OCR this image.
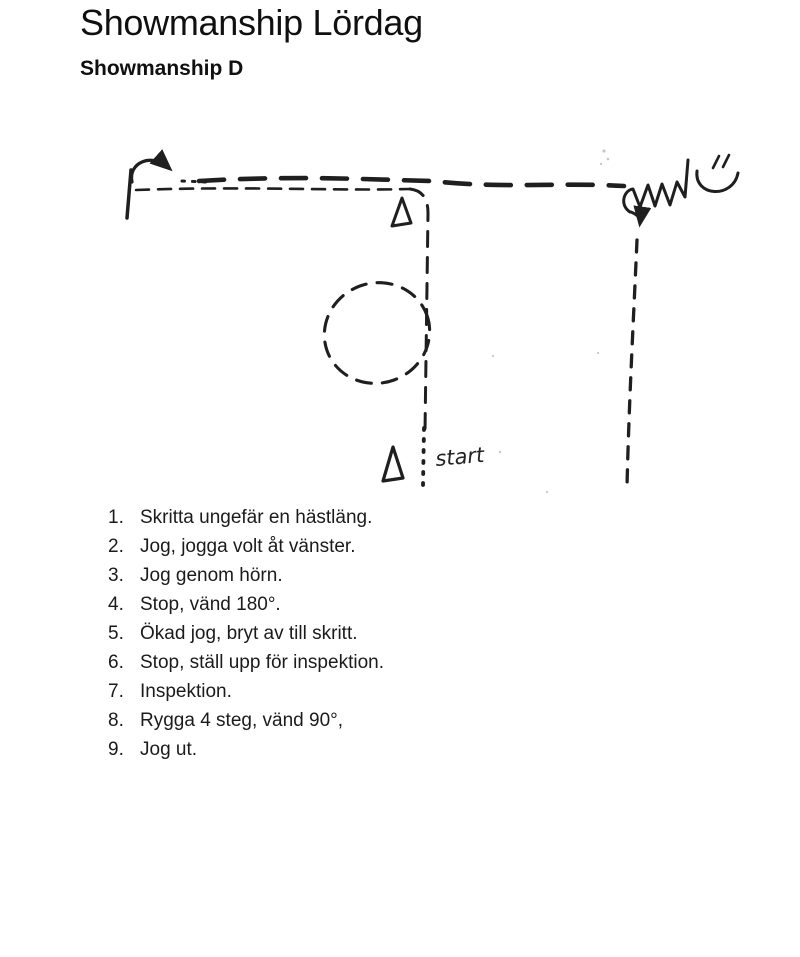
Showmanship Lördag
Showmanship D
start
1. Skritta ungefär en hästläng.
2. Jog, jogga volt åt vänster.
3. Jog genom hörn.
4. Stop, vänd 180°.
5. Ökad jog, bryt av till skritt.
6. Stop, ställ upp för inspektion.
7. Inspektion.
8. Rygga 4 steg, vänd 90°,
9. Jog ut.
